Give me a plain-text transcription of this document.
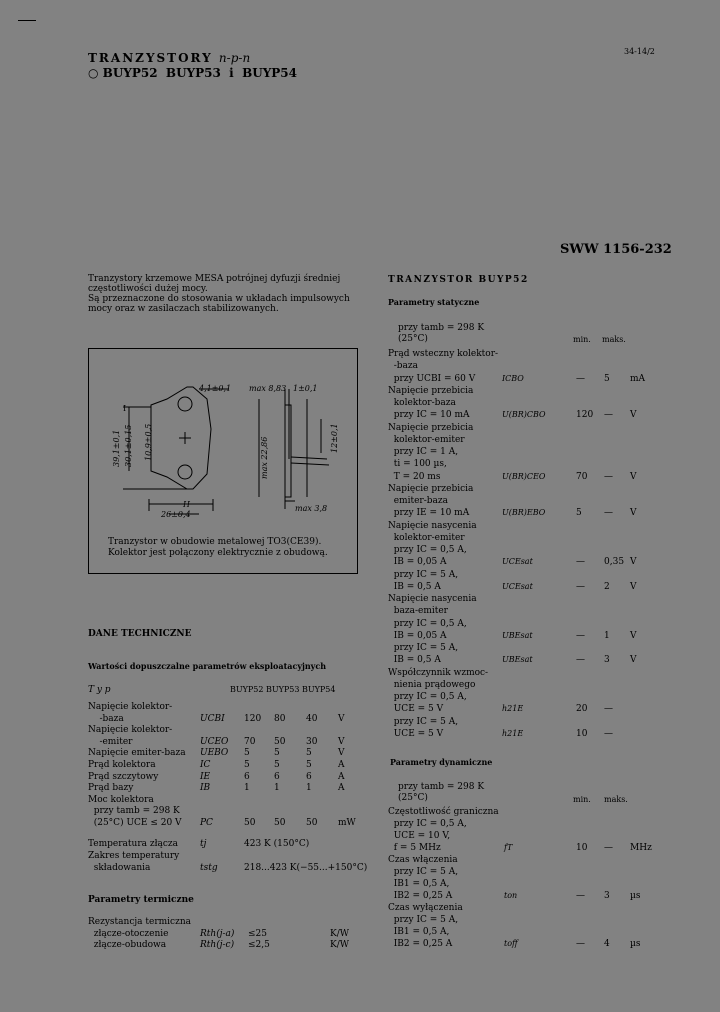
TRANZYSTORY n-p-n
○ BUYP52  BUYP53  i  BUYP54
34-14/2
SWW 1156-232
Tranzystory krzemowe MESA potrójnej dyfuzji średniej
częstotliwości dużej mocy.
Są przeznaczone do stosowania w układach impulsowych
mocy oraz w zasilaczach stabilizowanych.
4,1±0,1 max 8,83 1±0,1
39,1±0,1 30,1±0,15 10,9±0,5	max 22,86	12±0,1
max 3,8
26±0,4
H
I
Tranzystor w obudowie metalowej TO3(CE39).
Kolektor jest połączony elektrycznie z obudową.
DANE TECHNICZNE
Wartości dopuszczalne parametrów eksploatacyjnych
T y p	BUYP52 BUYP53 BUYP54
Napięcie kolektor-
-baza	UCBI 120 80 40 V
Napięcie kolektor-
-emiter	UCEO 70 50 30 V
Napięcie emiter-baza UEBO 5	5	5	V
Prąd kolektora	IC	5	5	5	A
Prąd szczytowy	IE	6	6	6	A
Prąd bazy	IB	1	1	1	A
Moc kolektora
przy tamb = 298 K
(25°C) UCE ≤ 20 V PC	50 50 50 mW
Temperatura złącza tj	423 K (150°C)
Zakres temperatury
składowania	tstg	218...423 K(−55...+150°C)
Parametry termiczne
Rezystancja termiczna
złącze-otoczenie	Rth(j-a) ≤25	K/W
złącze-obudowa	Rth(j-c) ≤2,5	K/W
TRANZYSTOR BUYP52
Parametry statyczne
przy tamb = 298 K
(25°C)	min. maks.
Prąd wsteczny kolektor-
-baza
przy UCBI = 60 V	ICBO	— 5 mA
Napięcie przebicia
kolektor-baza
przy IC = 10 mA	U(BR)CBO	120 — V
Napięcie przebicia
kolektor-emiter
przy IC = 1 A,
ti = 100 µs,
T = 20 ms	U(BR)CEO	70 — V
Napięcie przebicia
emiter-baza
przy IE = 10 mA	U(BR)EBO	5 — V
Napięcie nasycenia
kolektor-emiter
przy IC = 0,5 A,
IB = 0,05 A	UCEsat	— 0,35 V
przy IC = 5 A,
IB = 0,5 A	UCEsat	— 2 V
Napięcie nasycenia
baza-emiter
przy IC = 0,5 A,
IB = 0,05 A	UBEsat	— 1 V
przy IC = 5 A,
IB = 0,5 A	UBEsat	— 3 V
Współczynnik wzmoc-
nienia prądowego
przy IC = 0,5 A,
UCE = 5 V	h21E	20 —
przy IC = 5 A,
UCE = 5 V	h21E	10 —
Parametry dynamiczne
przy tamb = 298 K
(25°C)	min. maks.
Częstotliwość graniczna
przy IC = 0,5 A,
UCE = 10 V,
f = 5 MHz	fT	10 — MHz
Czas włączenia
przy IC = 5 A,
IB1 = 0,5 A,
IB2 = 0,25 A	ton	— 3 µs
Czas wyłączenia
przy IC = 5 A,
IB1 = 0,5 A,
IB2 = 0,25 A	toff	— 4 µs
